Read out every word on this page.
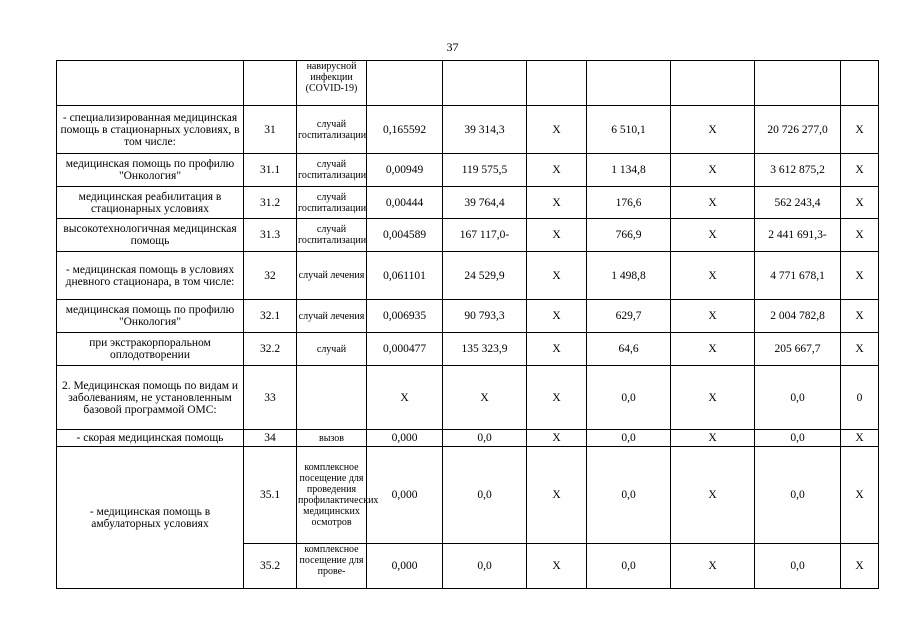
37
		навирусной инфекции (COVID-19)							
- специализированная медицинская помощь в стационарных условиях, в том числе:	31	случай госпитализации	0,165592	39 314,3	Х	6 510,1	Х	20 726 277,0	Х
медицинская помощь по профилю "Онкология"	31.1	случай госпитализации	0,00949	119 575,5	Х	1 134,8	Х	3 612 875,2	Х
медицинская реабилитация в стационарных условиях	31.2	случай госпитализации	0,00444	39 764,4	Х	176,6	Х	562 243,4	Х
высокотехнологичная медицинская помощь	31.3	случай госпитализации	0,004589	167 117,0-	Х	766,9	Х	2 441 691,3-	Х
- медицинская помощь в условиях дневного стационара, в том числе:	32	случай лечения	0,061101	24 529,9	Х	1 498,8	Х	4 771 678,1	Х
медицинская помощь по профилю "Онкология"	32.1	случай лечения	0,006935	90 793,3	Х	629,7	Х	2 004 782,8	Х
при экстракорпоральном оплодотворении	32.2	случай	0,000477	135 323,9	Х	64,6	Х	205 667,7	Х
2. Медицинская помощь по видам и заболеваниям, не установленным базовой программой ОМС:	33		Х	Х	Х	0,0	Х	0,0	0
- скорая медицинская помощь	34	вызов	0,000	0,0	Х	0,0	Х	0,0	Х
- медицинская помощь в амбулаторных условиях	35.1	комплексное посещение для проведения профилактических медицинских осмотров	0,000	0,0	Х	0,0	Х	0,0	Х
	35.2	комплексное посещение для прове-	0,000	0,0	Х	0,0	Х	0,0	Х
